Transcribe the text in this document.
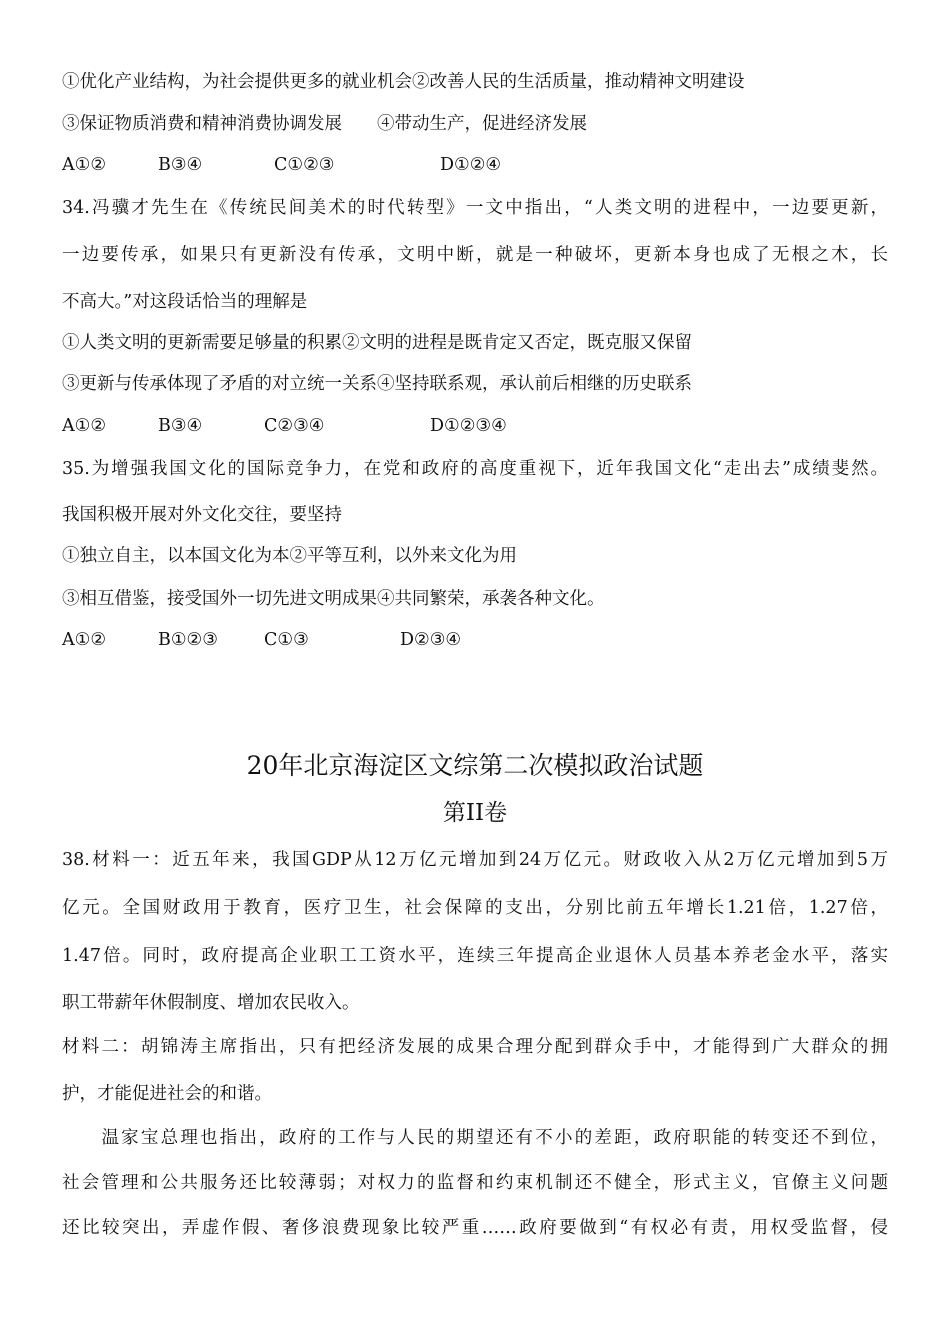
①优化产业结构，为社会提供更多的就业机会②改善人民的生活质量，推动精神文明建设
③保证物质消费和精神消费协调发展　　④带动生产，促进经济发展
A①②	B③④	C①②③	D①②④
34.冯骥才先生在《传统民间美术的时代转型》一文中指出，“人类文明的进程中，一边要更新，
一边要传承，如果只有更新没有传承，文明中断，就是一种破坏，更新本身也成了无根之木，长
不高大。”对这段话恰当的理解是
①人类文明的更新需要足够量的积累②文明的进程是既肯定又否定，既克服又保留
③更新与传承体现了矛盾的对立统一关系④坚持联系观，承认前后相继的历史联系
A①②	B③④	C②③④	D①②③④
35.为增强我国文化的国际竞争力，在党和政府的高度重视下，近年我国文化“走出去”成绩斐然。
我国积极开展对外文化交往，要坚持
①独立自主，以本国文化为本②平等互利，以外来文化为用
③相互借鉴，接受国外一切先进文明成果④共同繁荣，承袭各种文化。
A①②	B①②③	C①③	D②③④
20年北京海淀区文综第二次模拟政治试题
第II卷
38.材料一：近五年来，我国GDP从12万亿元增加到24万亿元。财政收入从2万亿元增加到5万
亿元。全国财政用于教育，医疗卫生，社会保障的支出，分别比前五年增长1.21倍，1.27倍，
1.47倍。同时，政府提高企业职工工资水平，连续三年提高企业退休人员基本养老金水平，落实
职工带薪年休假制度、增加农民收入。
材料二：胡锦涛主席指出，只有把经济发展的成果合理分配到群众手中，才能得到广大群众的拥
护，才能促进社会的和谐。
　　温家宝总理也指出，政府的工作与人民的期望还有不小的差距，政府职能的转变还不到位，
社会管理和公共服务还比较薄弱；对权力的监督和约束机制还不健全，形式主义，官僚主义问题
还比较突出，弄虚作假、奢侈浪费现象比较严重……政府要做到“有权必有责，用权受监督，侵
